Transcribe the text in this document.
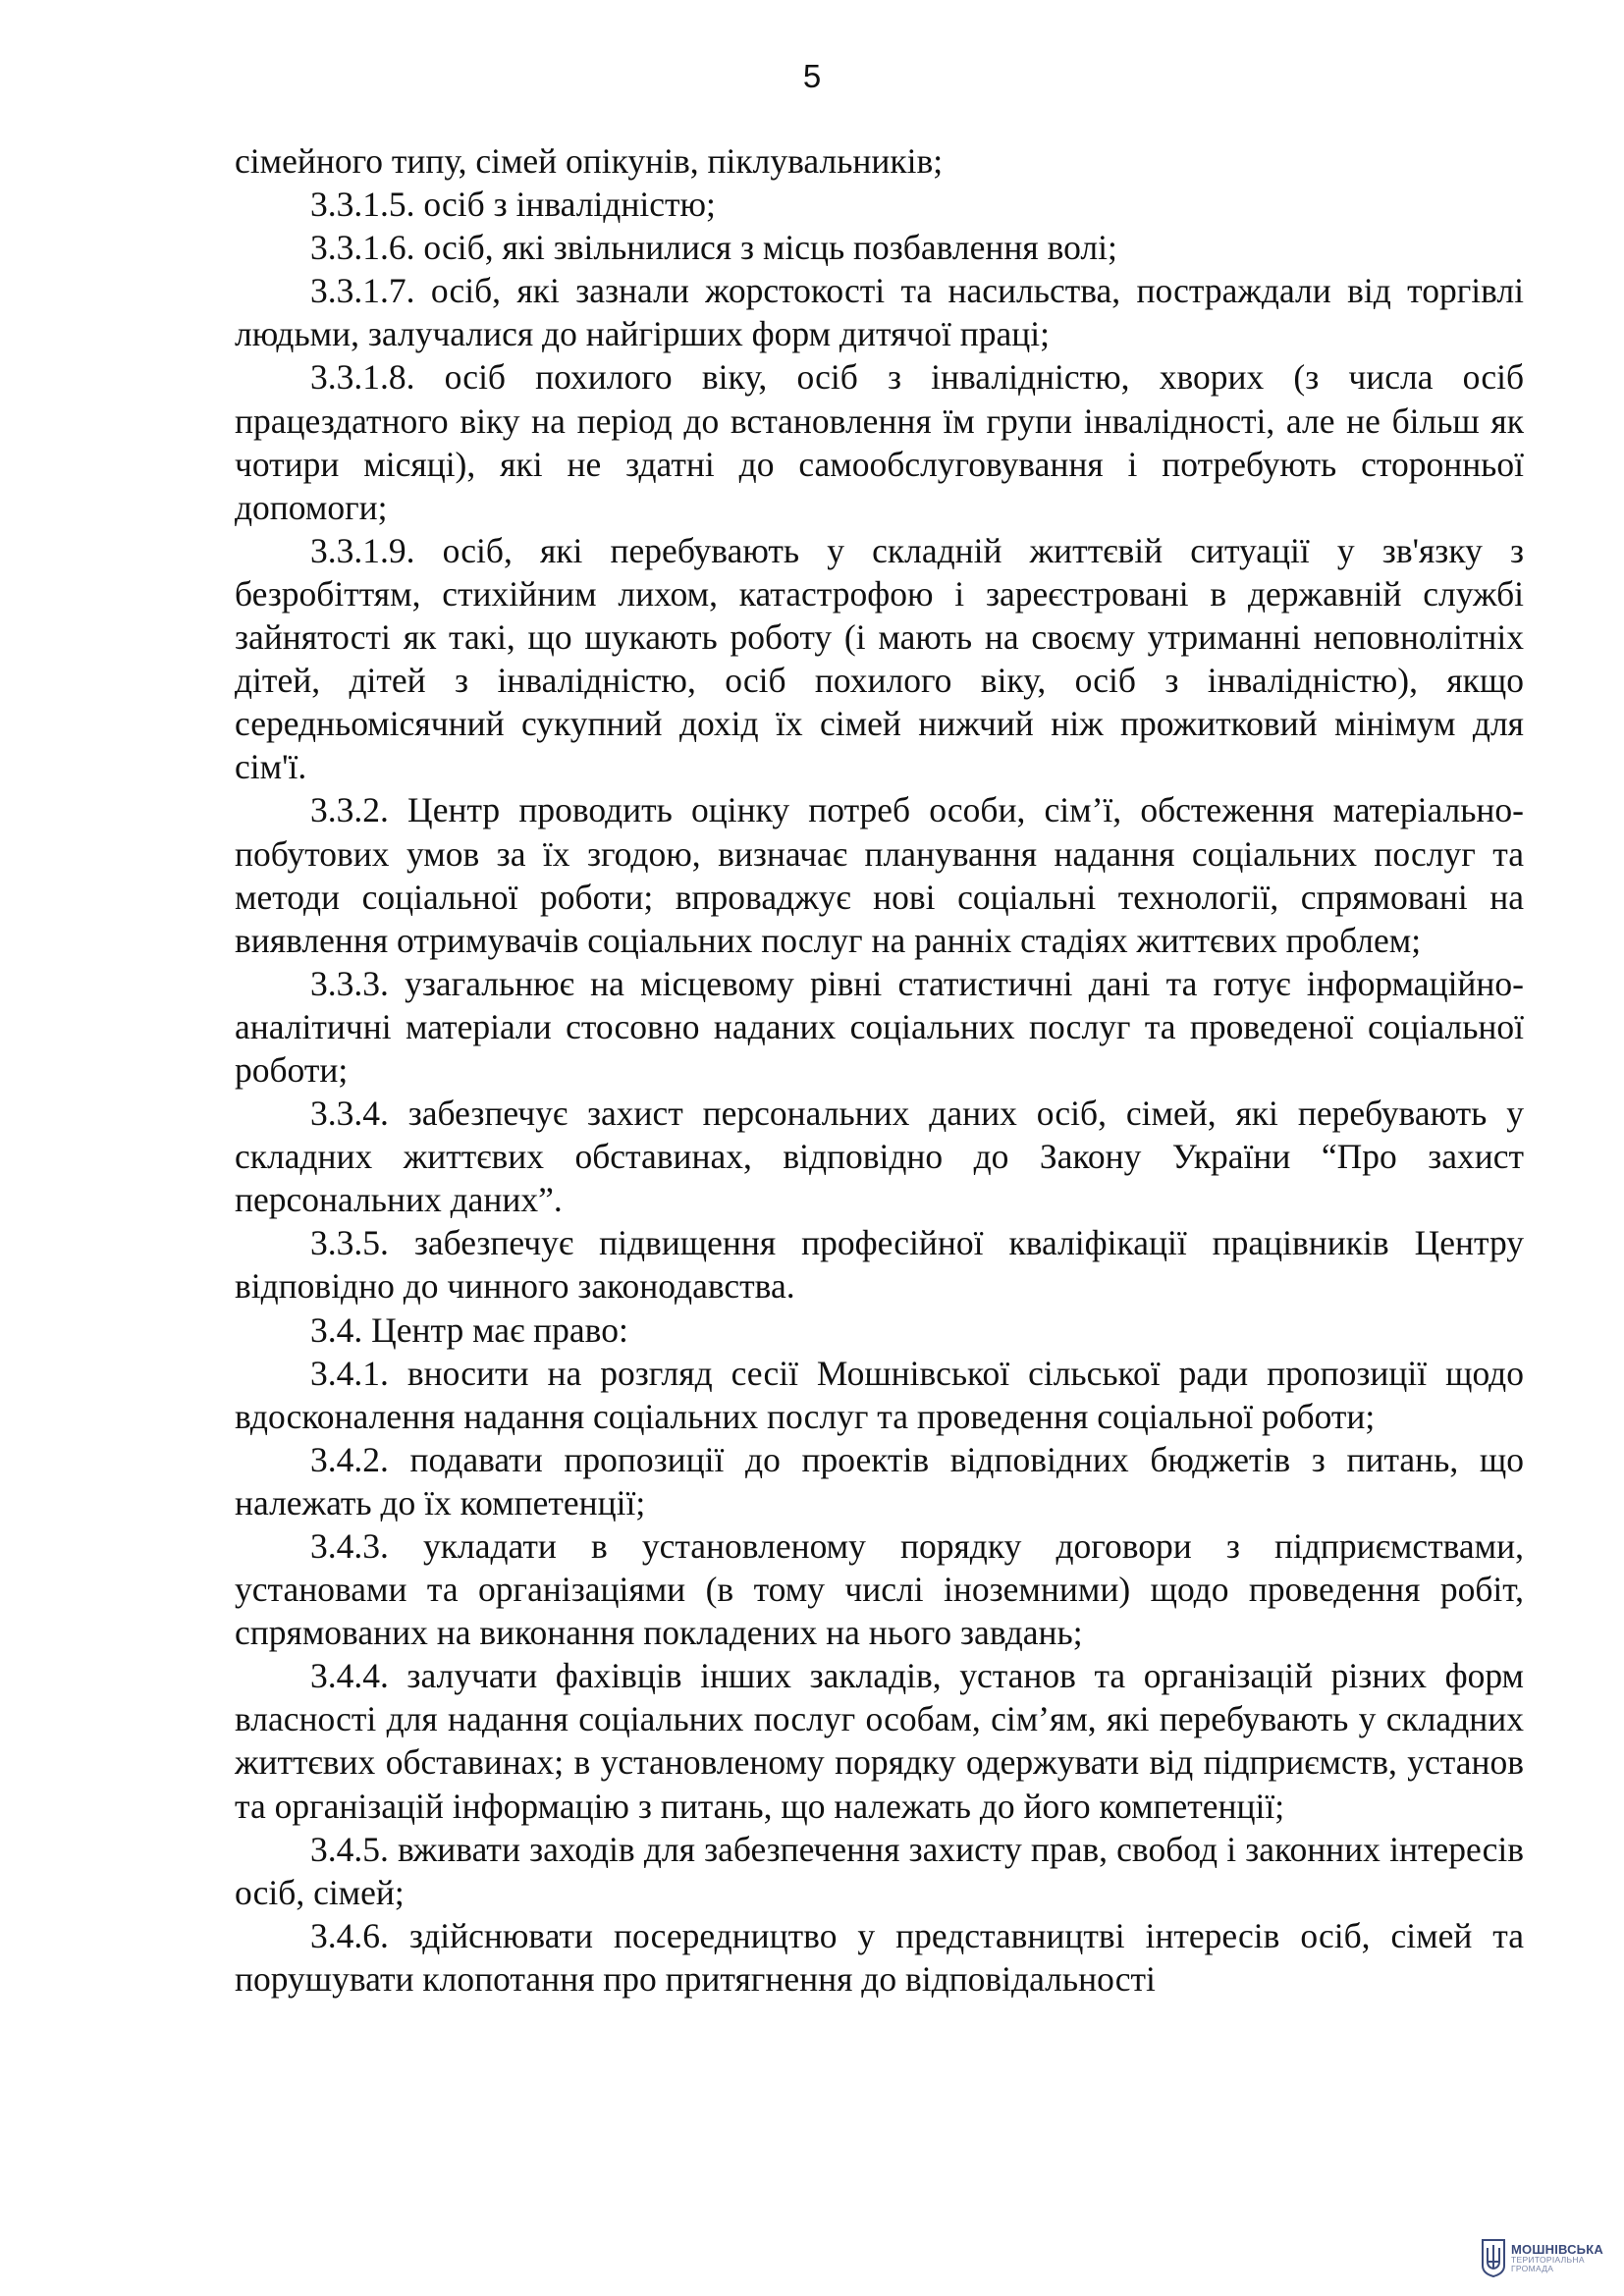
5

сімейного типу, сімей опікунів, піклувальників;

3.3.1.5. осіб з інвалідністю;

3.3.1.6. осіб, які звільнилися з місць позбавлення волі;

3.3.1.7. осіб, які зазнали жорстокості та насильства, постраждали від торгівлі людьми, залучалися до найгірших форм дитячої праці;

3.3.1.8. осіб похилого віку, осіб з інвалідністю, хворих (з числа осіб працездатного віку на період до встановлення їм групи інвалідності, але не більш як чотири місяці), які не здатні до самообслуговування і потребують сторонньої допомоги;

3.3.1.9. осіб, які перебувають у складній життєвій ситуації у зв'язку з безробіттям, стихійним лихом, катастрофою і зареєстровані в державній службі зайнятості як такі, що шукають роботу (і мають на своєму утриманні неповнолітніх дітей, дітей з інвалідністю, осіб похилого віку, осіб з інвалідністю), якщо середньомісячний сукупний дохід їх сімей нижчий ніж прожитковий мінімум для сім'ї.

3.3.2. Центр проводить оцінку потреб особи, сім’ї, обстеження матеріально-побутових умов за їх згодою, визначає планування надання соціальних послуг та методи соціальної роботи; впроваджує нові соціальні технології, спрямовані на виявлення отримувачів соціальних послуг на ранніх стадіях життєвих проблем;

3.3.3. узагальнює на місцевому рівні статистичні дані та готує інформаційно-аналітичні матеріали стосовно наданих соціальних послуг та проведеної соціальної роботи;

3.3.4. забезпечує захист персональних даних осіб, сімей, які перебувають у складних життєвих обставинах, відповідно до Закону України “Про захист персональних даних”.

3.3.5. забезпечує підвищення професійної кваліфікації працівників Центру відповідно до чинного законодавства.

3.4. Центр має право:

3.4.1. вносити на розгляд сесії Мошнівської сільської ради пропозиції щодо вдосконалення надання соціальних послуг та проведення соціальної роботи;

3.4.2. подавати пропозиції до проектів відповідних бюджетів з питань, що належать до їх компетенції;

3.4.3. укладати в установленому порядку договори з підприємствами, установами та організаціями (в тому числі іноземними) щодо проведення робіт, спрямованих на виконання покладених на нього завдань;

3.4.4. залучати фахівців інших закладів, установ та організацій різних форм власності для надання соціальних послуг особам, сім’ям, які перебувають у складних життєвих обставинах; в установленому порядку одержувати від підприємств, установ та організацій інформацію з питань, що належать до його компетенції;

3.4.5. вживати заходів для забезпечення захисту прав, свобод і законних інтересів осіб, сімей;

3.4.6. здійснювати посередництво у представництві інтересів осіб, сімей та порушувати клопотання про притягнення до відповідальності

МОШНІВСЬКА
ТЕРИТОРІАЛЬНА
ГРОМАДА
